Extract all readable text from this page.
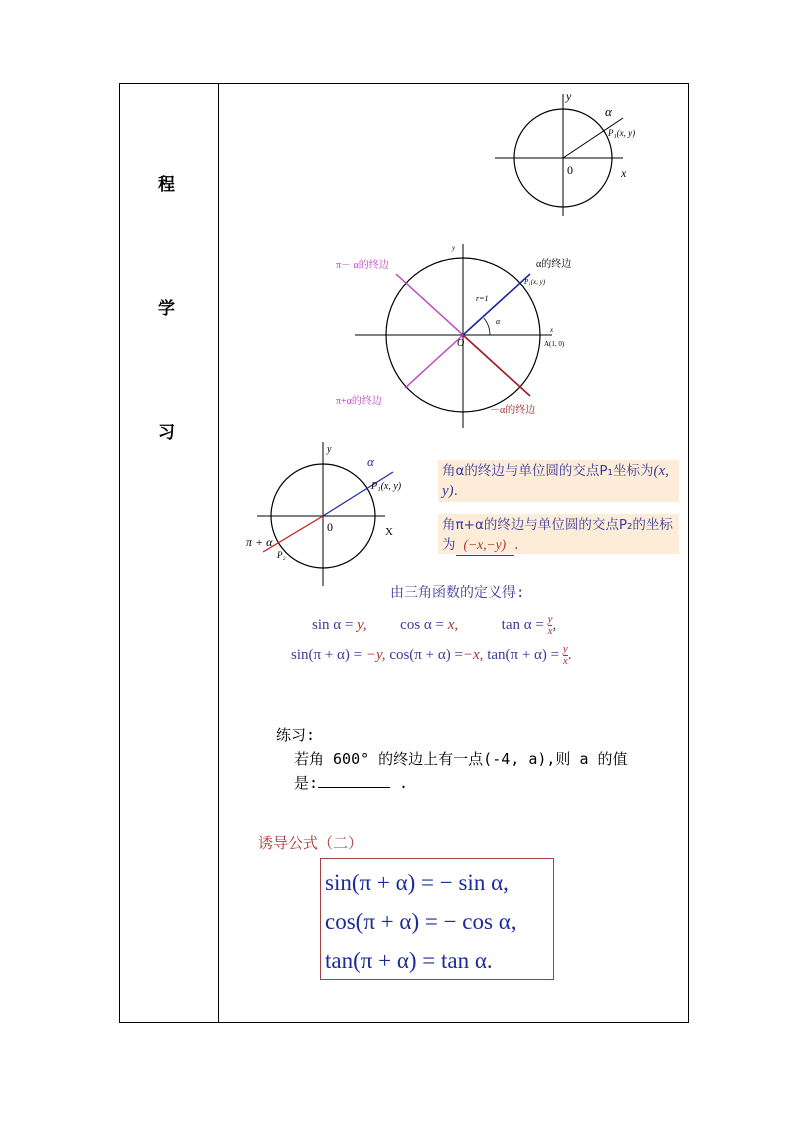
程
学
习
y
x
0
α
P₁(x, y)
y
x
π－ α的终边	α的终边
P₁(x, y)
r=1
α
O	A(1, 0)
π+α的终边
－α的终边
y
X
0
α
P₁(x, y)
π + α
P₂
角α的终边与单位圆的交点P₁坐标为(x, y).
角π+α的终边与单位圆的交点P₂的坐标为 (−x,−y) .
由三角函数的定义得:
sin α = y, cos α = x,	$\tan \alpha = \frac{y}{x}$ ,
sin(π + α) = −y, cos(π + α) =−x, $\tan(\pi + \alpha) = \frac{y}{x}$ .
练习:
若角 600° 的终边上有一点(-4, a),则 a 的值
是:	.
诱导公式（二）
sin(π + α) = − sin α,
cos(π + α) = − cos α,
tan(π + α) = tan α.
